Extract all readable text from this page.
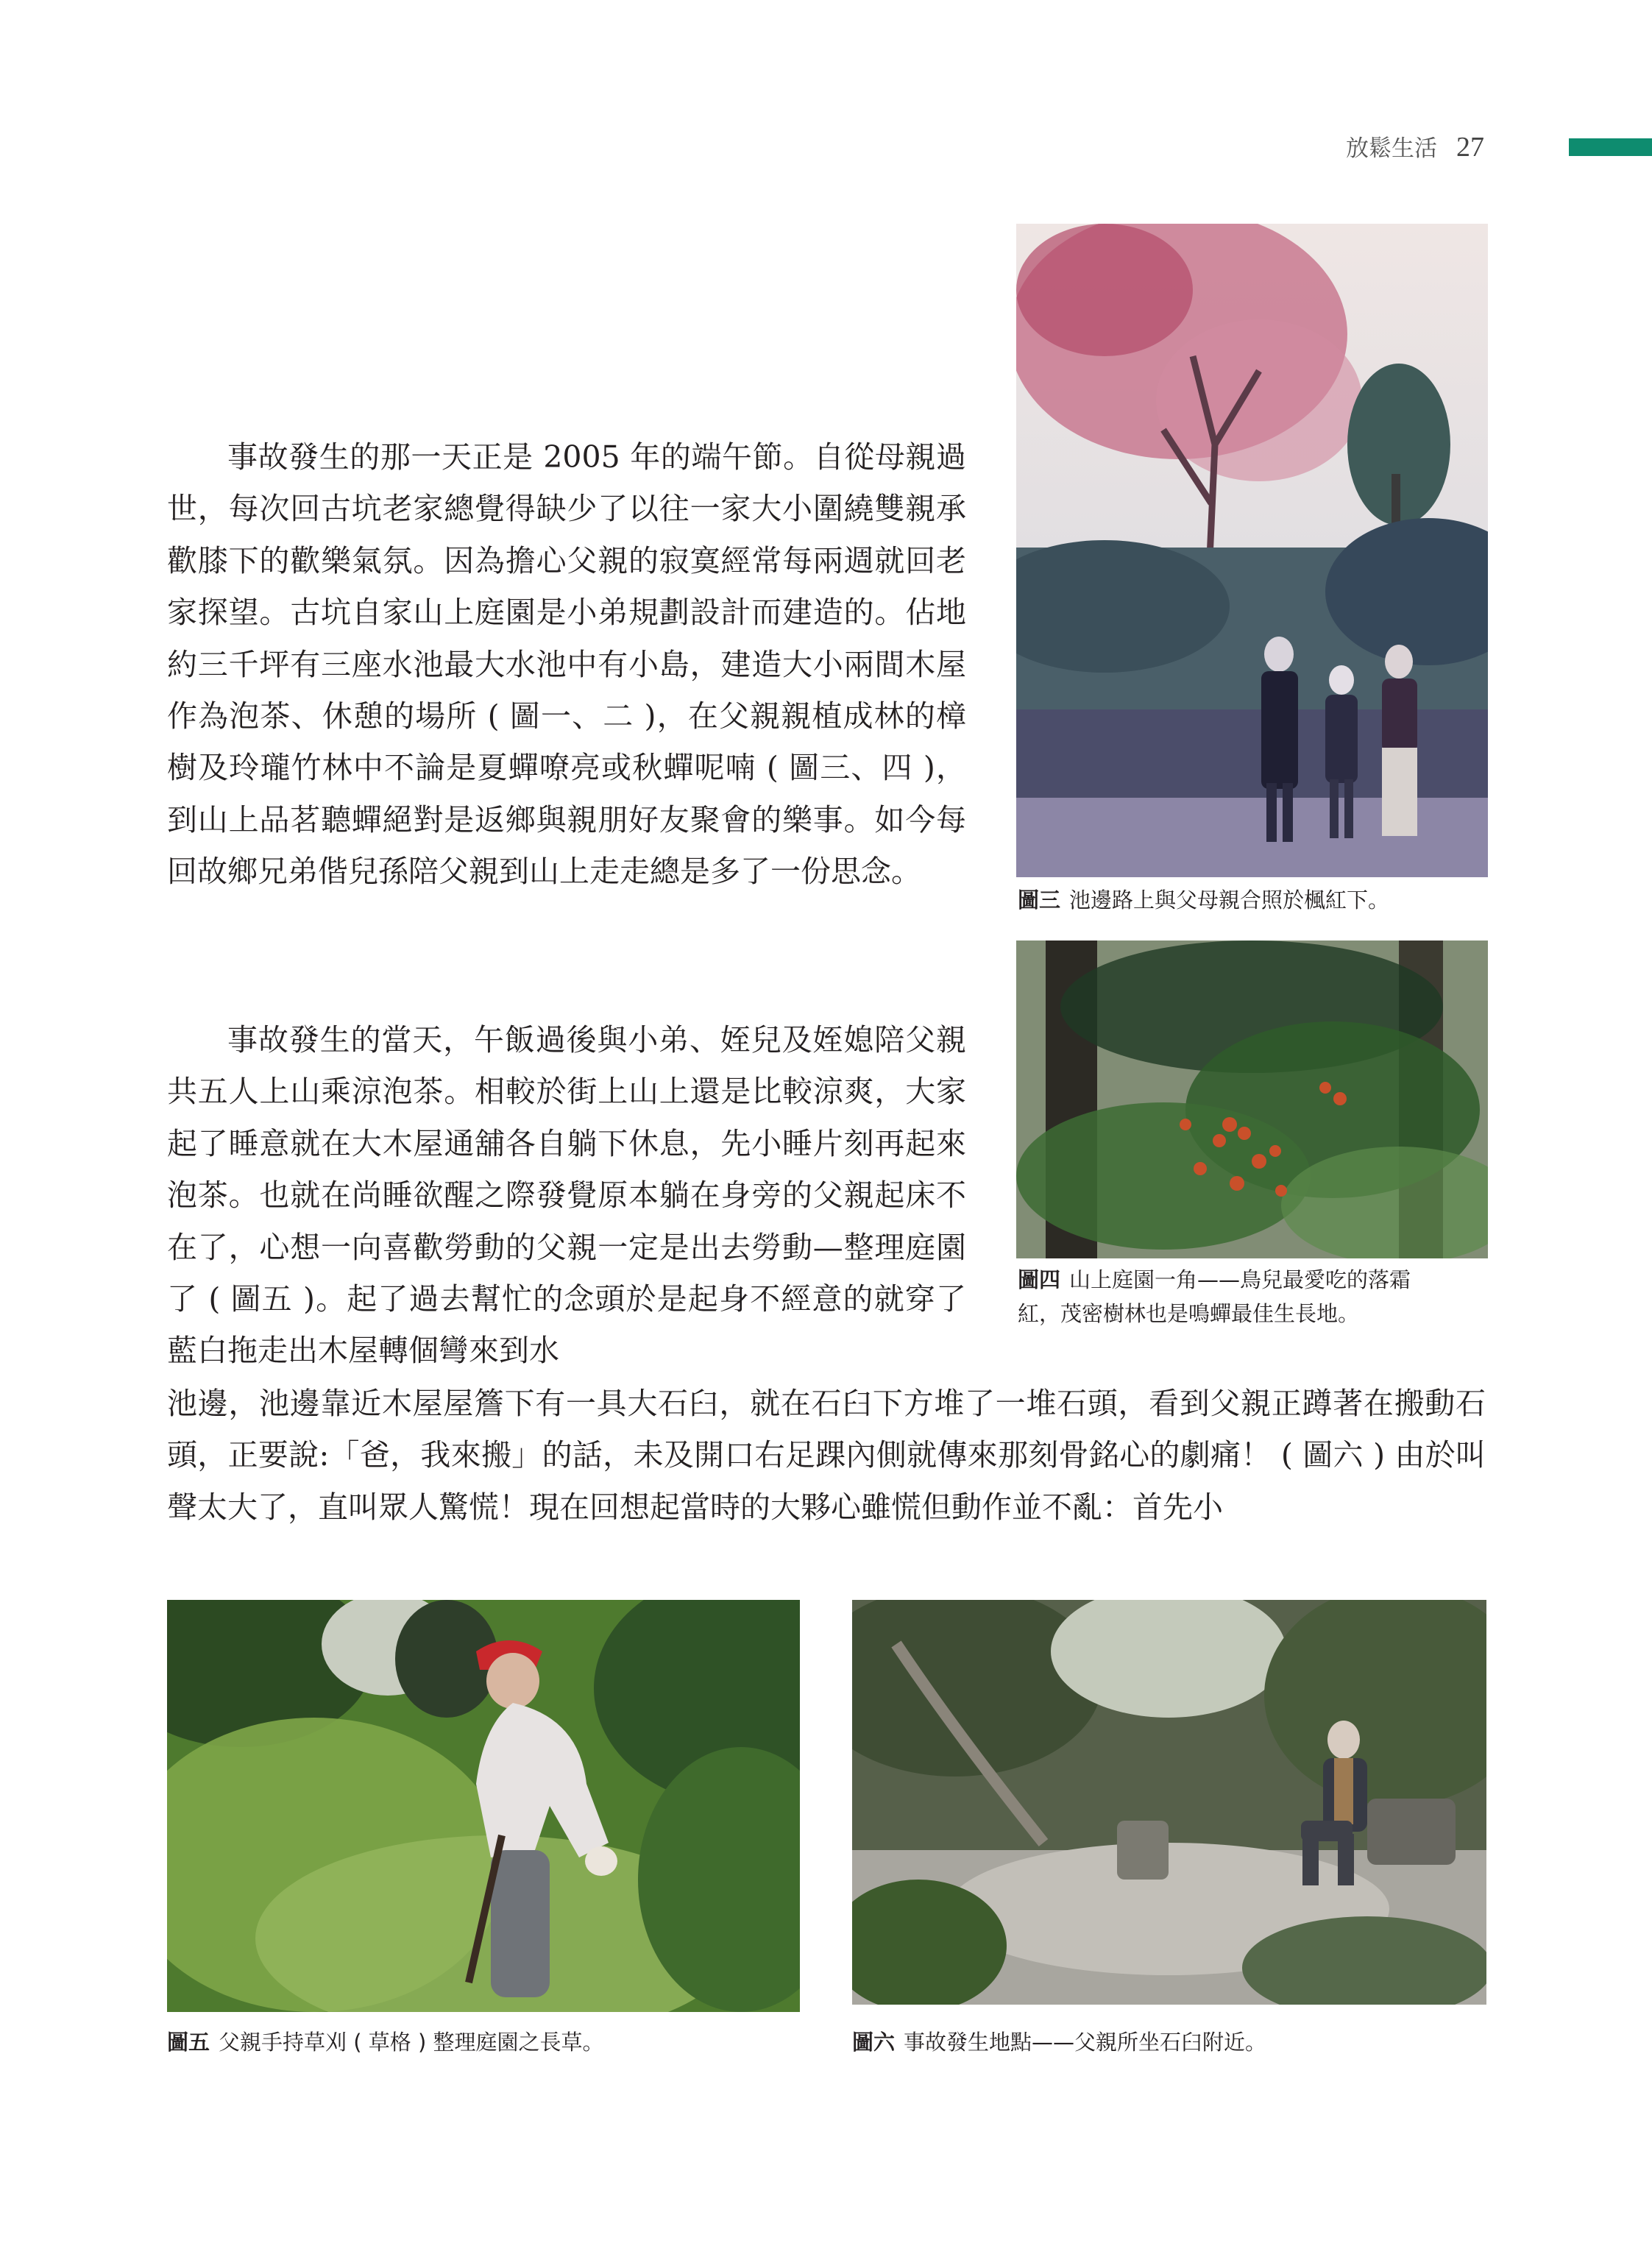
放鬆生活 27
圖三 池邊路上與父母親合照於楓紅下。
圖四 山上庭園一角——鳥兒最愛吃的落霜
紅，茂密樹林也是鳴蟬最佳生長地。

事故發生的那一天正是 2005 年的端午節。自從母親過世，每次回古坑老家總覺得缺少了以往一家大小圍繞雙親承歡膝下的歡樂氣氛。因為擔心父親的寂寞經常每兩週就回老家探望。古坑自家山上庭園是小弟規劃設計而建造的。佔地約三千坪有三座水池最大水池中有小島，建造大小兩間木屋作為泡茶、休憩的場所 ( 圖一、二 )，在父親親植成林的樟樹及玲瓏竹林中不論是夏蟬嘹亮或秋蟬呢喃 ( 圖三、四 )，到山上品茗聽蟬絕對是返鄉與親朋好友聚會的樂事。如今每回故鄉兄弟偕兒孫陪父親到山上走走總是多了一份思念。

事故發生的當天，午飯過後與小弟、姪兒及姪媳陪父親共五人上山乘涼泡茶。相較於街上山上還是比較涼爽，大家起了睡意就在大木屋通舖各自躺下休息，先小睡片刻再起來泡茶。也就在尚睡欲醒之際發覺原本躺在身旁的父親起床不在了，心想一向喜歡勞動的父親一定是出去勞動—整理庭園了 ( 圖五 )。起了過去幫忙的念頭於是起身不經意的就穿了藍白拖走出木屋轉個彎來到水

池邊，池邊靠近木屋屋簷下有一具大石臼，就在石臼下方堆了一堆石頭，看到父親正蹲著在搬動石頭，正要說:「爸，我來搬」的話，未及開口右足踝內側就傳來那刻骨銘心的劇痛！ ( 圖六 ) 由於叫聲太大了，直叫眾人驚慌！現在回想起當時的大夥心雖慌但動作並不亂：首先小

圖五 父親手持草刈 ( 草格 ) 整理庭園之長草。	圖六 事故發生地點——父親所坐石臼附近。
